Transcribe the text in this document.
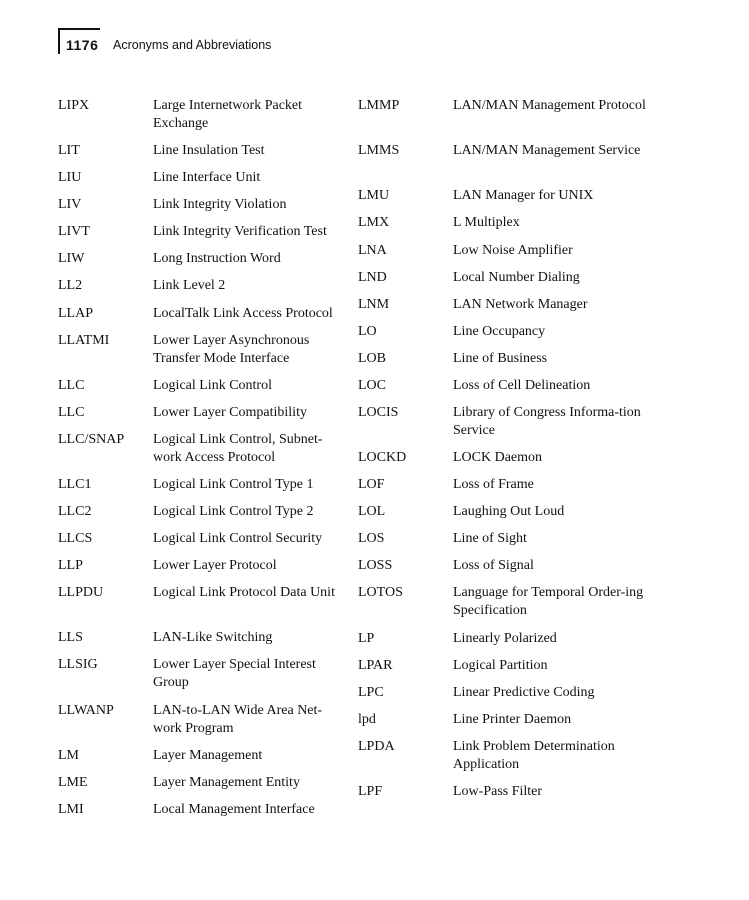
1176 Acronyms and Abbreviations
LIPX	Large Internetwork Packet Exchange
LIT	Line Insulation Test
LIU	Line Interface Unit
LIV	Link Integrity Violation
LIVT	Link Integrity Verification Test
LIW	Long Instruction Word
LL2	Link Level 2
LLAP	LocalTalk Link Access Protocol
LLATMI	Lower Layer Asynchronous Transfer Mode Interface
LLC	Logical Link Control
LLC	Lower Layer Compatibility
LLC/SNAP Logical Link Control, Subnet-work Access Protocol
LLC1	Logical Link Control Type 1
LLC2	Logical Link Control Type 2
LLCS	Logical Link Control Security
LLP	Lower Layer Protocol
LLPDU	Logical Link Protocol Data Unit
LLS	LAN-Like Switching
LLSIG	Lower Layer Special Interest Group
LLWANP	LAN-to-LAN Wide Area Net-work Program
LM	Layer Management
LME	Layer Management Entity
LMI	Local Management Interface
LMMP	LAN/MAN Management Protocol
LMMS	LAN/MAN Management Service
LMU	LAN Manager for UNIX
LMX	L Multiplex
LNA	Low Noise Amplifier
LND	Local Number Dialing
LNM	LAN Network Manager
LO	Line Occupancy
LOB	Line of Business
LOC	Loss of Cell Delineation
LOCIS	Library of Congress Informa-tion Service
LOCKD	LOCK Daemon
LOF	Loss of Frame
LOL	Laughing Out Loud
LOS	Line of Sight
LOSS	Loss of Signal
LOTOS	Language for Temporal Order-ing Specification
LP	Linearly Polarized
LPAR	Logical Partition
LPC	Linear Predictive Coding
lpd	Line Printer Daemon
LPDA	Link Problem Determination Application
LPF	Low-Pass Filter
